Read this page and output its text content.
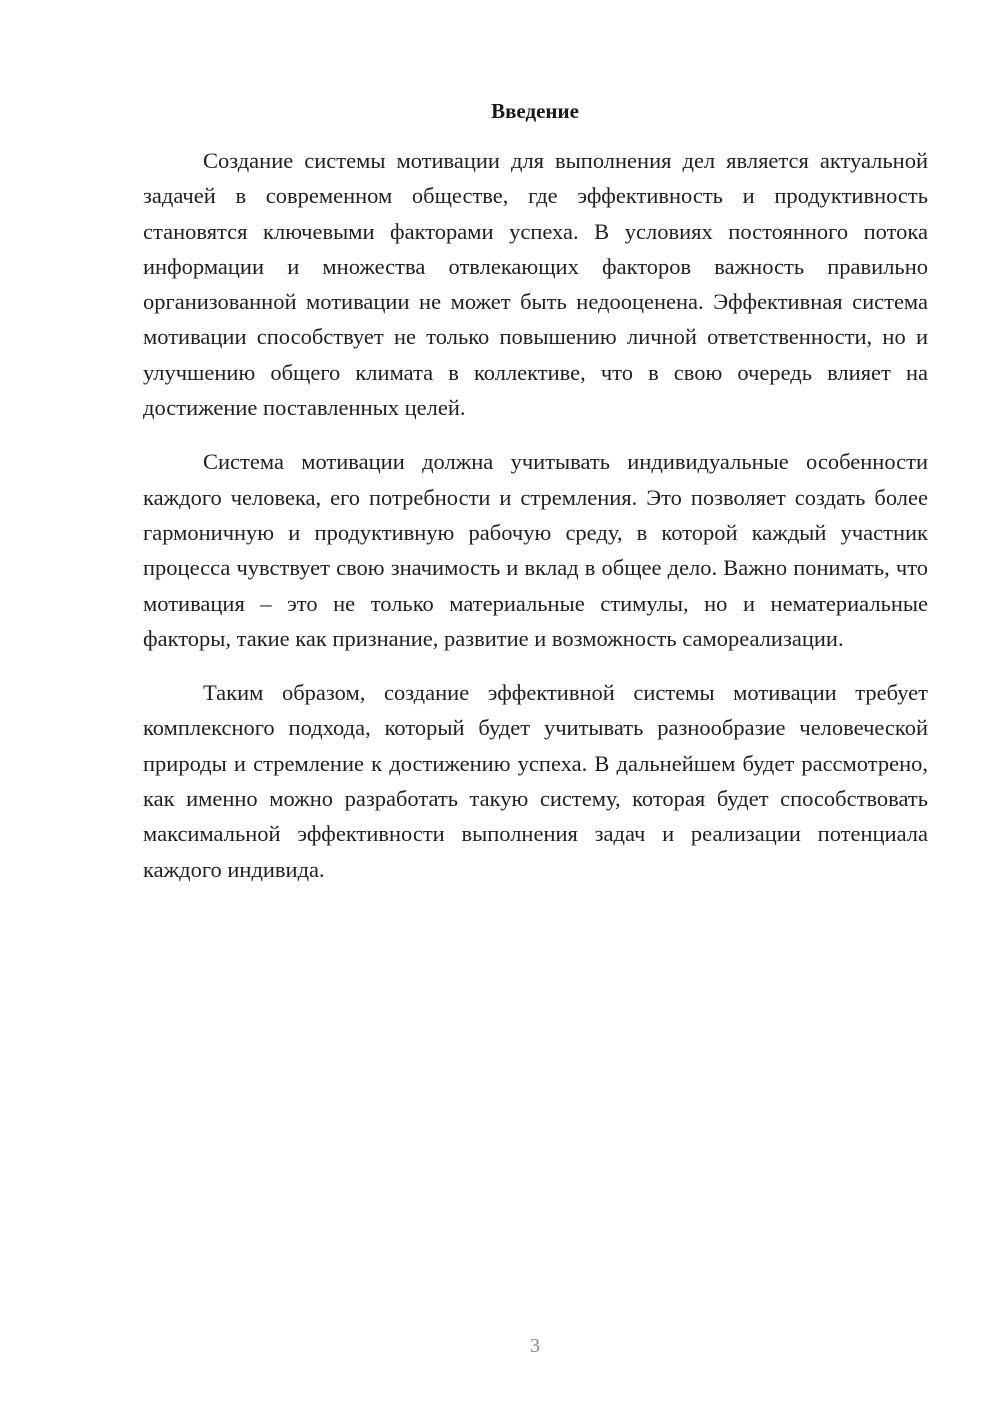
Введение

Создание системы мотивации для выполнения дел является актуальной задачей в современном обществе, где эффективность и продуктивность становятся ключевыми факторами успеха. В условиях постоянного потока информации и множества отвлекающих факторов важность правильно организованной мотивации не может быть недооценена. Эффективная система мотивации способствует не только повышению личной ответственности, но и улучшению общего климата в коллективе, что в свою очередь влияет на достижение поставленных целей.

Система мотивации должна учитывать индивидуальные особенности каждого человека, его потребности и стремления. Это позволяет создать более гармоничную и продуктивную рабочую среду, в которой каждый участник процесса чувствует свою значимость и вклад в общее дело. Важно понимать, что мотивация – это не только материальные стимулы, но и нематериальные факторы, такие как признание, развитие и возможность самореализации.

Таким образом, создание эффективной системы мотивации требует комплексного подхода, который будет учитывать разнообразие человеческой природы и стремление к достижению успеха. В дальнейшем будет рассмотрено, как именно можно разработать такую систему, которая будет способствовать максимальной эффективности выполнения задач и реализации потенциала каждого индивида.

3
